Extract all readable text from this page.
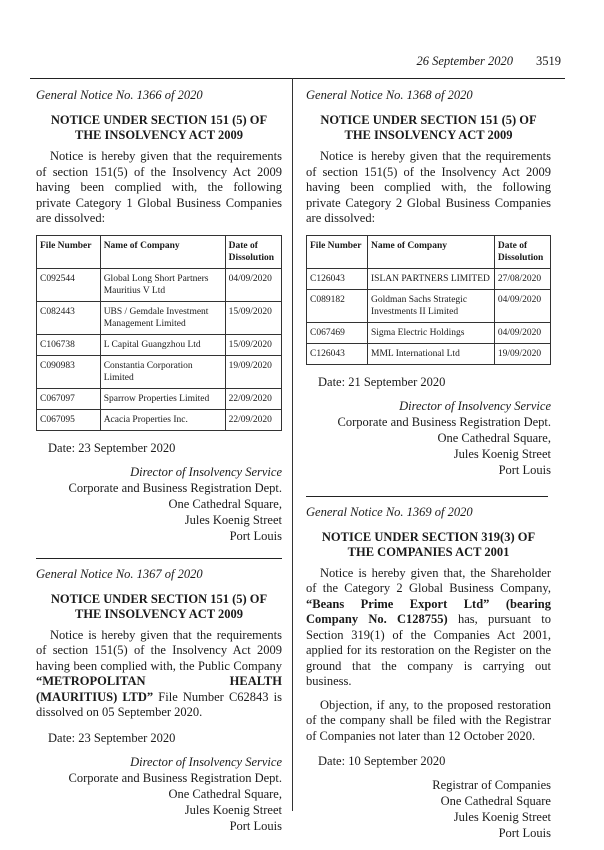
26 September 2020 3519
General Notice No. 1366 of 2020
NOTICE UNDER SECTION 151 (5) OF
THE INSOLVENCY ACT 2009

Notice is hereby given that the requirements of section 151(5) of the Insolvency Act 2009 having been complied with, the following private Category 1 Global Business Companies are dissolved:

File Number	Name of Company	Date of Dissolution
C092544	Global Long Short Partners Mauritius V Ltd	04/09/2020
C082443	UBS / Gemdale Investment Management Limited	15/09/2020
C106738	L Capital Guangzhou Ltd	15/09/2020
C090983	Constantia Corporation Limited	19/09/2020
C067097	Sparrow Properties Limited	22/09/2020
C067095	Acacia Properties Inc.	22/09/2020
Date: 23 September 2020
Director of Insolvency Service
Corporate and Business Registration Dept.
One Cathedral Square,
Jules Koenig Street
Port Louis
General Notice No. 1367 of 2020
NOTICE UNDER SECTION 151 (5) OF
THE INSOLVENCY ACT 2009

Notice is hereby given that the requirements of section 151(5) of the Insolvency Act 2009 having been complied with, the Public Company “METROPOLITAN HEALTH (MAURITIUS) LTD” File Number C62843 is dissolved on 05 September 2020.

Date: 23 September 2020
Director of Insolvency Service
Corporate and Business Registration Dept.
One Cathedral Square,
Jules Koenig Street
Port Louis
General Notice No. 1368 of 2020
NOTICE UNDER SECTION 151 (5) OF
THE INSOLVENCY ACT 2009

Notice is hereby given that the requirements of section 151(5) of the Insolvency Act 2009 having been complied with, the following private Category 2 Global Business Companies are dissolved:

File Number	Name of Company	Date of Dissolution
C126043	ISLAN PARTNERS LIMITED	27/08/2020
C089182	Goldman Sachs Strategic Investments II Limited	04/09/2020
C067469	Sigma Electric Holdings	04/09/2020
C126043	MML International Ltd	19/09/2020
Date: 21 September 2020
Director of Insolvency Service
Corporate and Business Registration Dept.
One Cathedral Square,
Jules Koenig Street
Port Louis
General Notice No. 1369 of 2020
NOTICE UNDER SECTION 319(3) OF
THE COMPANIES ACT 2001

Notice is hereby given that, the Shareholder of the Category 2 Global Business Company, “Beans Prime Export Ltd” (bearing Company No. C128755) has, pursuant to Section 319(1) of the Companies Act 2001, applied for its restoration on the Register on the ground that the company is carrying out business.

Objection, if any, to the proposed restoration of the company shall be filed with the Registrar of Companies not later than 12 October 2020.

Date: 10 September 2020
Registrar of Companies
One Cathedral Square
Jules Koenig Street
Port Louis
